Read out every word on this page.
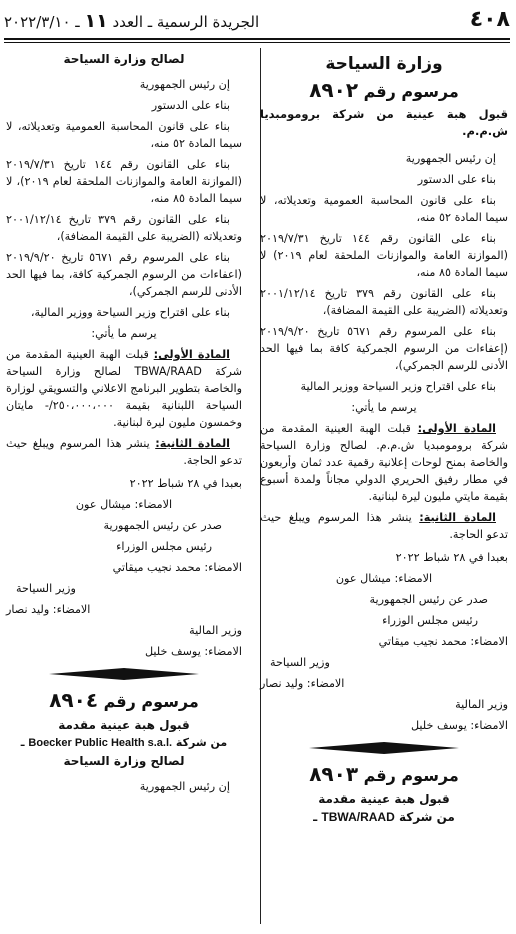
٤٠٨
الجريدة الرسمية ـ العدد ١١ ـ ٢٠٢٢/٣/١٠
وزارة السياحة
مرسوم رقم ٨٩٠٢

قبول هبة عينية من شركة برومومبديا ش.م.م.

إن رئيس الجمهورية

بناء على الدستور

بناء على قانون المحاسبة العمومية وتعديلاته، لا سيما المادة ٥٢ منه،

بناء على القانون رقم ١٤٤ تاريخ ٢٠١٩/٧/٣١ (الموازنة العامة والموازنات الملحقة لعام ٢٠١٩) لا سيما المادة ٨٥ منه،

بناء على القانون رقم ٣٧٩ تاريخ ٢٠٠١/١٢/١٤ وتعديلاته (الضريبة على القيمة المضافة)،

بناء على المرسوم رقم ٥٦٧١ تاريخ ٢٠١٩/٩/٢٠ (إعفاءات من الرسوم الجمركية كافة بما فيها الحد الأدنى للرسم الجمركي)،

بناء على اقتراح وزير السياحة ووزير المالية

يرسم ما يأتي:

المادة الأولى: قبلت الهبة العينية المقدمة من شركة برومومبديا ش.م.م. لصالح وزارة السياحة والخاصة بمنح لوحات إعلانية رقمية عدد ثمان وأربعون في مطار رفيق الحريري الدولي مجاناً ولمدة أسبوع بقيمة مايتي مليون ليرة لبنانية.

المادة الثانية: ينشر هذا المرسوم ويبلغ حيث تدعو الحاجة.

بعبدا في ٢٨ شباط ٢٠٢٢

الامضاء: ميشال عون

صدر عن رئيس الجمهورية

رئيس مجلس الوزراء

الامضاء: محمد نجيب ميقاتي

وزير السياحة

الامضاء: وليد نصار

وزير المالية

الامضاء: يوسف خليل

مرسوم رقم ٨٩٠٣
قبول هبة عينية مقدمة
من شركة TBWA/RAAD ـ
لصالح وزارة السياحة

إن رئيس الجمهورية

بناء على الدستور

بناء على قانون المحاسبة العمومية وتعديلاته، لا سيما المادة ٥٢ منه،

بناء على القانون رقم ١٤٤ تاريخ ٢٠١٩/٧/٣١ (الموازنة العامة والموازنات الملحقة لعام ٢٠١٩)، لا سيما المادة ٨٥ منه،

بناء على القانون رقم ٣٧٩ تاريخ ٢٠٠١/١٢/١٤ وتعديلاته (الضريبة على القيمة المضافة)،

بناء على المرسوم رقم ٥٦٧١ تاريخ ٢٠١٩/٩/٢٠ (اعفاءات من الرسوم الجمركية كافة، بما فيها الحد الأدنى للرسم الجمركي)،

بناء على اقتراح وزير السياحة ووزير المالية،

يرسم ما يأتي:

المادة الأولى: قبلت الهبة العينية المقدمة من شركة TBWA/RAAD لصالح وزارة السياحة والخاصة بتطوير البرنامج الاعلاني والتسويقي لوزارة السياحة اللبنانية بقيمة ٢٥٠،٠٠٠،٠٠٠/- مايتان وخمسون مليون ليرة لبنانية.

المادة الثانية: ينشر هذا المرسوم ويبلغ حيث تدعو الحاجة.

بعبدا في ٢٨ شباط ٢٠٢٢

الامضاء: ميشال عون

صدر عن رئيس الجمهورية

رئيس مجلس الوزراء

الامضاء: محمد نجيب ميقاتي

وزير السياحة

الامضاء: وليد نصار

وزير المالية

الامضاء: يوسف خليل

مرسوم رقم ٨٩٠٤
قبول هبة عينية مقدمة
من شركة Boecker Public Health s.a.l. ـ
لصالح وزارة السياحة

إن رئيس الجمهورية
